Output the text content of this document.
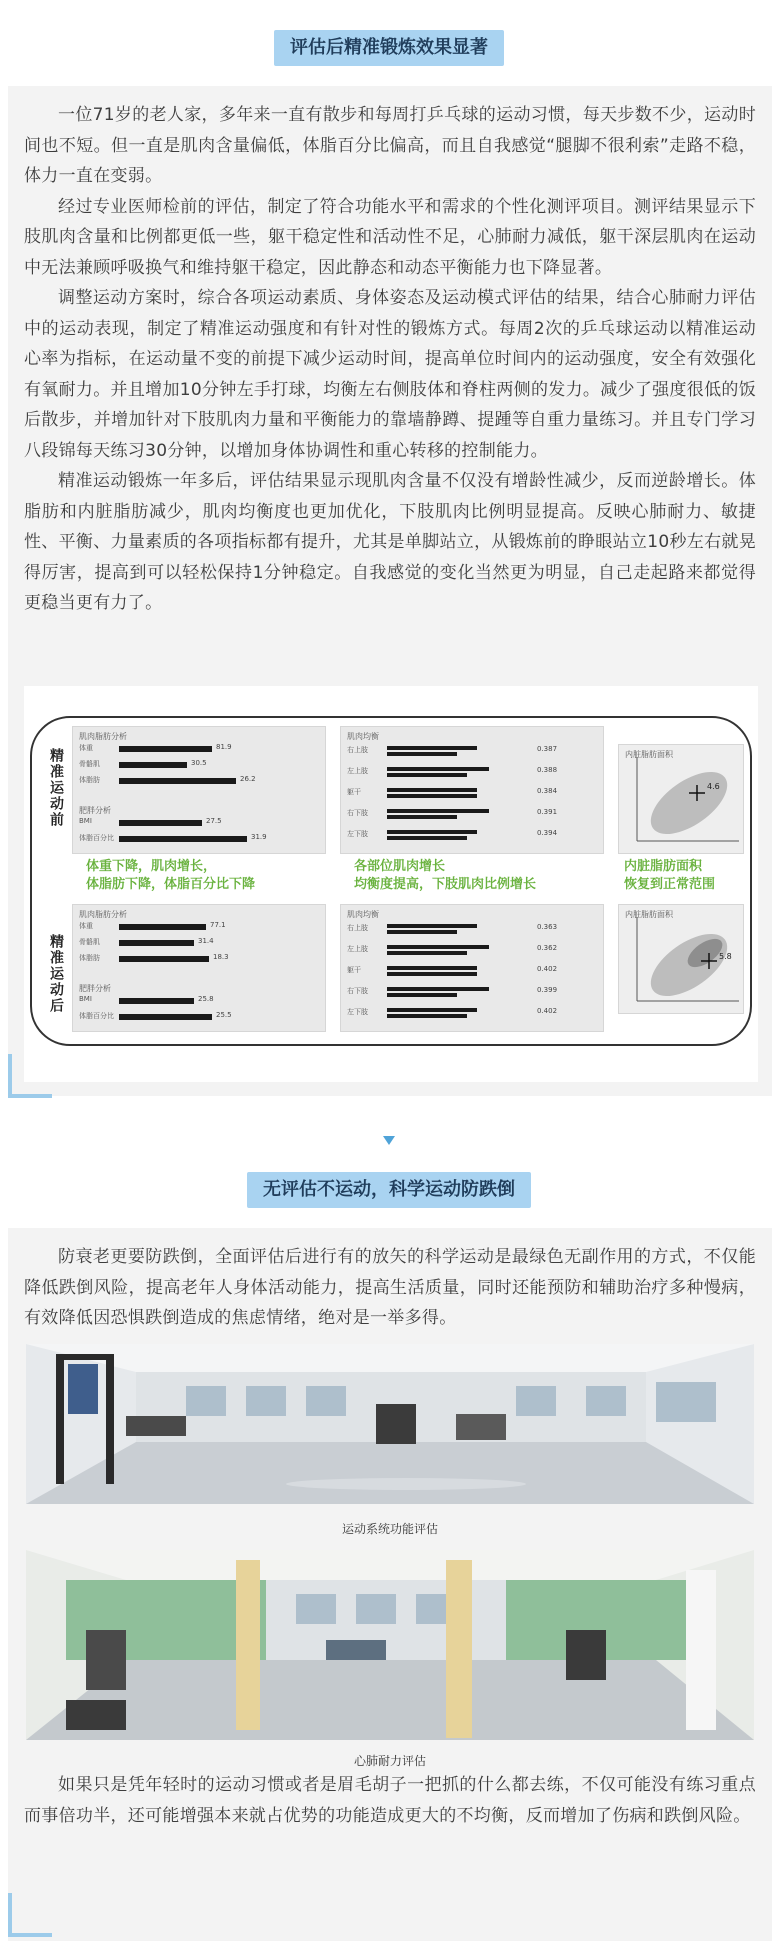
评估后精准锻炼效果显著

一位71岁的老人家，多年来一直有散步和每周打乒乓球的运动习惯，每天步数不少，运动时间也不短。但一直是肌肉含量偏低，体脂百分比偏高，而且自我感觉“腿脚不很利索”走路不稳，体力一直在变弱。

经过专业医师检前的评估，制定了符合功能水平和需求的个性化测评项目。测评结果显示下肢肌肉含量和比例都更低一些，躯干稳定性和活动性不足，心肺耐力减低，躯干深层肌肉在运动中无法兼顾呼吸换气和维持躯干稳定，因此静态和动态平衡能力也下降显著。

调整运动方案时，综合各项运动素质、身体姿态及运动模式评估的结果，结合心肺耐力评估中的运动表现，制定了精准运动强度和有针对性的锻炼方式。每周2次的乒乓球运动以精准运动心率为指标，在运动量不变的前提下减少运动时间，提高单位时间内的运动强度，安全有效强化有氧耐力。并且增加10分钟左手打球，均衡左右侧肢体和脊柱两侧的发力。减少了强度很低的饭后散步，并增加针对下肢肌肉力量和平衡能力的靠墙静蹲、提踵等自重力量练习。并且专门学习八段锦每天练习30分钟，以增加身体协调性和重心转移的控制能力。

精准运动锻炼一年多后，评估结果显示现肌肉含量不仅没有增龄性减少，反而逆龄增长。体脂肪和内脏脂肪减少，肌肉均衡度也更加优化，下肢肌肉比例明显提高。反映心肺耐力、敏捷性、平衡、力量素质的各项指标都有提升，尤其是单脚站立，从锻炼前的睁眼站立10秒左右就晃得厉害，提高到可以轻松保持1分钟稳定。自我感觉的变化当然更为明显，自己走起路来都觉得更稳当更有力了。

精准运动前
精准运动后
肌肉脂肪分析
体重	81.9
骨骼肌	30.5
体脂肪	26.2
肥胖分析
BMI	27.5
体脂百分比	31.9
肌肉均衡
右上肢	0.387
左上肢	0.388
躯干	0.384
右下肢	0.391
左下肢	0.394
内脏脂肪面积
4.6
体重下降，肌肉增长，
体脂肪下降，体脂百分比下降
各部位肌肉增长
均衡度提高，下肢肌肉比例增长
内脏脂肪面积
恢复到正常范围
肌肉脂肪分析
体重	77.1
骨骼肌	31.4
体脂肪	18.3
肥胖分析
BMI	25.8
体脂百分比	25.5
肌肉均衡
右上肢	0.363
左上肢	0.362
躯干	0.402
右下肢	0.399
左下肢	0.402
内脏脂肪面积
5.8
无评估不运动，科学运动防跌倒

防衰老更要防跌倒，全面评估后进行有的放矢的科学运动是最绿色无副作用的方式，不仅能降低跌倒风险，提高老年人身体活动能力，提高生活质量，同时还能预防和辅助治疗多种慢病，有效降低因恐惧跌倒造成的焦虑情绪，绝对是一举多得。

运动系统功能评估
心肺耐力评估

如果只是凭年轻时的运动习惯或者是眉毛胡子一把抓的什么都去练，不仅可能没有练习重点而事倍功半，还可能增强本来就占优势的功能造成更大的不均衡，反而增加了伤病和跌倒风险。
